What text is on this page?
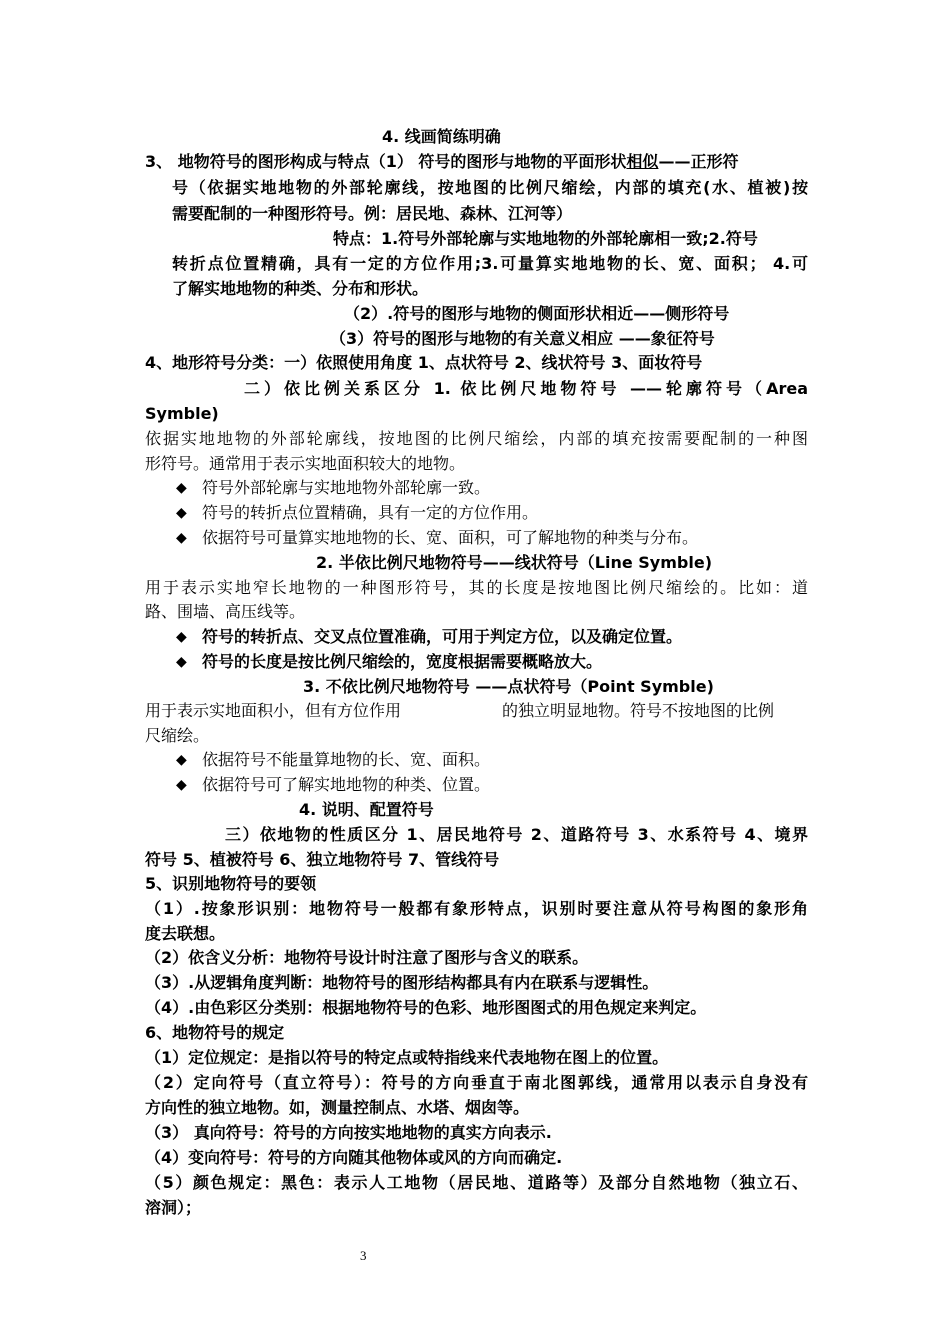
4. 线画简练明确
3、 地物符号的图形构成与特点（1） 符号的图形与地物的平面形状相似——正形符
号（依据实地地物的外部轮廓线，按地图的比例尺缩绘，内部的填充(水、植被)按
需要配制的一种图形符号。例：居民地、森林、江河等）
特点：1.符号外部轮廓与实地地物的外部轮廓相一致;2.符号
转折点位置精确，具有一定的方位作用;3.可量算实地地物的长、宽、面积； 4.可
了解实地地物的种类、分布和形状。
（2）.符号的图形与地物的侧面形状相近——侧形符号
（3）符号的图形与地物的有关意义相应 ——象征符号
4、地形符号分类：一）依照使用角度 1、点状符号 2、线状符号 3、面妆符号
二）依比例关系区分 1. 依比例尺地物符号 ——轮廓符号（Area
Symble)
依据实地地物的外部轮廓线，按地图的比例尺缩绘，内部的填充按需要配制的一种图
形符号。通常用于表示实地面积较大的地物。
◆ 符号外部轮廓与实地地物外部轮廓一致。
◆ 符号的转折点位置精确，具有一定的方位作用。
◆ 依据符号可量算实地地物的长、宽、面积，可了解地物的种类与分布。
2. 半依比例尺地物符号——线状符号（Line Symble)
用于表示实地窄长地物的一种图形符号，其的长度是按地图比例尺缩绘的。比如：道
路、围墙、高压线等。
◆ 符号的转折点、交叉点位置准确，可用于判定方位，以及确定位置。
◆ 符号的长度是按比例尺缩绘的，宽度根据需要概略放大。
3. 不依比例尺地物符号 ——点状符号（Point Symble)
用于表示实地面积小，但有方位作用	的独立明显地物。符号不按地图的比例
尺缩绘。
◆ 依据符号不能量算地物的长、宽、面积。
◆ 依据符号可了解实地地物的种类、位置。
4. 说明、配置符号
三）依地物的性质区分 1、居民地符号 2、道路符号 3、水系符号 4、境界
符号 5、植被符号 6、独立地物符号 7、管线符号
5、识别地物符号的要领
（1）.按象形识别：地物符号一般都有象形特点，识别时要注意从符号构图的象形角
度去联想。
（2）依含义分析：地物符号设计时注意了图形与含义的联系。
（3）.从逻辑角度判断：地物符号的图形结构都具有内在联系与逻辑性。
（4）.由色彩区分类别：根据地物符号的色彩、地形图图式的用色规定来判定。
6、地物符号的规定
（1）定位规定：是指以符号的特定点或特指线来代表地物在图上的位置。
（2）定向符号（直立符号）：符号的方向垂直于南北图郭线，通常用以表示自身没有
方向性的独立地物。如，测量控制点、水塔、烟囱等。
（3） 真向符号：符号的方向按实地地物的真实方向表示.
（4）变向符号：符号的方向随其他物体或风的方向而确定.
（5）颜色规定：黑色：表示人工地物（居民地、道路等）及部分自然地物（独立石、
溶洞）；
3
